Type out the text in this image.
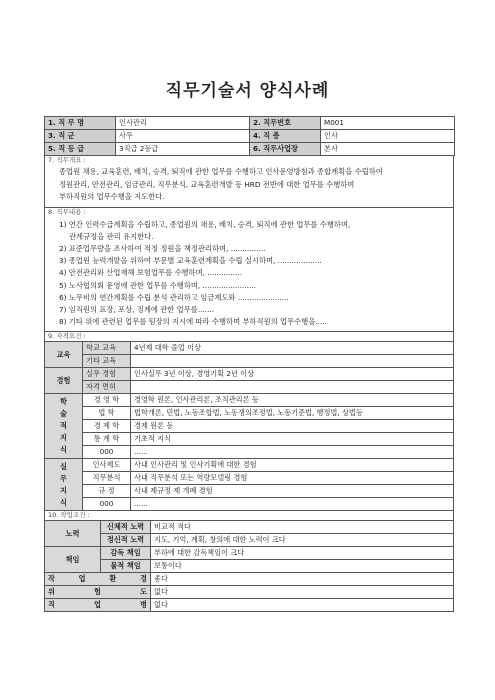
직무기술서 양식사례
1. 직 무 명	인사관리	2. 직무번호	M001
3. 직 군	사무	4. 직 종	인사
5. 직 등 급	3직급 2등급	6. 직무사업장	본사
7. 직무개요 :
종업원 채용, 교육훈련, 배치, 승격, 퇴직에 관한 업무를 수행하고 인사운영방침과 종합계획을 수립하여
정원관리, 안전관리, 임금관리, 직무분석, 교육훈련개발 등 HRD 전반에 대한 업무를 수행하며
부하직원의 업무수행을 지도한다.
8. 직무내용 :
1) 연간 인력수급계획을 수립하고, 종업원의 채용, 배치, 승격, 퇴직에 관한 업무를 수행하며,
관계규정을 관리 유지한다.
2) 표준업무량을 조사하여 적정 정원을 책정관리하며, ...............
3) 종업원 능력개발을 위하여 부문별 교육훈련계획을 수립 실시하며, ...................
4) 안전관리와 산업재해 보험업무를 수행하며, ...............
5) 노사협의회 운영에 관한 업무를 수행하며, .......................
6) 노무비의 연간계획를 수립 분석 관리하고 임금제도와 ......................
7) 임직원의 표장, 포상, 징계에 관한 업무를.......
8) 기타 위에 관련된 업무를 팀장의 지시에 따라 수행하며 부하직원의 업무수행을.....
9. 자격요건 :
교육	학교 교육	4년제 대학 졸업 이상
	기타 교육	
경험	실무 경험	인사실무 3년 이상, 경영기획 2년 이상
	자격 면허	

학
술
적
지
식	경 영 학	경영학 원론, 인사관리론, 조직관리론 등
	법 학	법학개론, 민법, 노동조합법, 노동쟁의조정법, 노동기준법, 행정법, 상법등
	경 제 학	경제 원론 등
	통 계 학	기초적 지식
	000	......

실
무
지
식	인사제도	사내 인사관리 및 인사기획에 대한 경험
	직무분석	사내 직무분석 또는 역량모델링 경험
	규 정	사내 제규정 제 개폐 경험
	000	......
10. 작업조건 :
노력	신체적 노력	비교적 적다
	정신적 노력	지도, 기억, 계획, 창의에 대한 노력이 크다
책임	감독 책임	부하에 대한 감독책임이 크다
	물적 책임	보통이다
작 업 환 경		좋다
위 험 도		없다
직 업 병		없다
